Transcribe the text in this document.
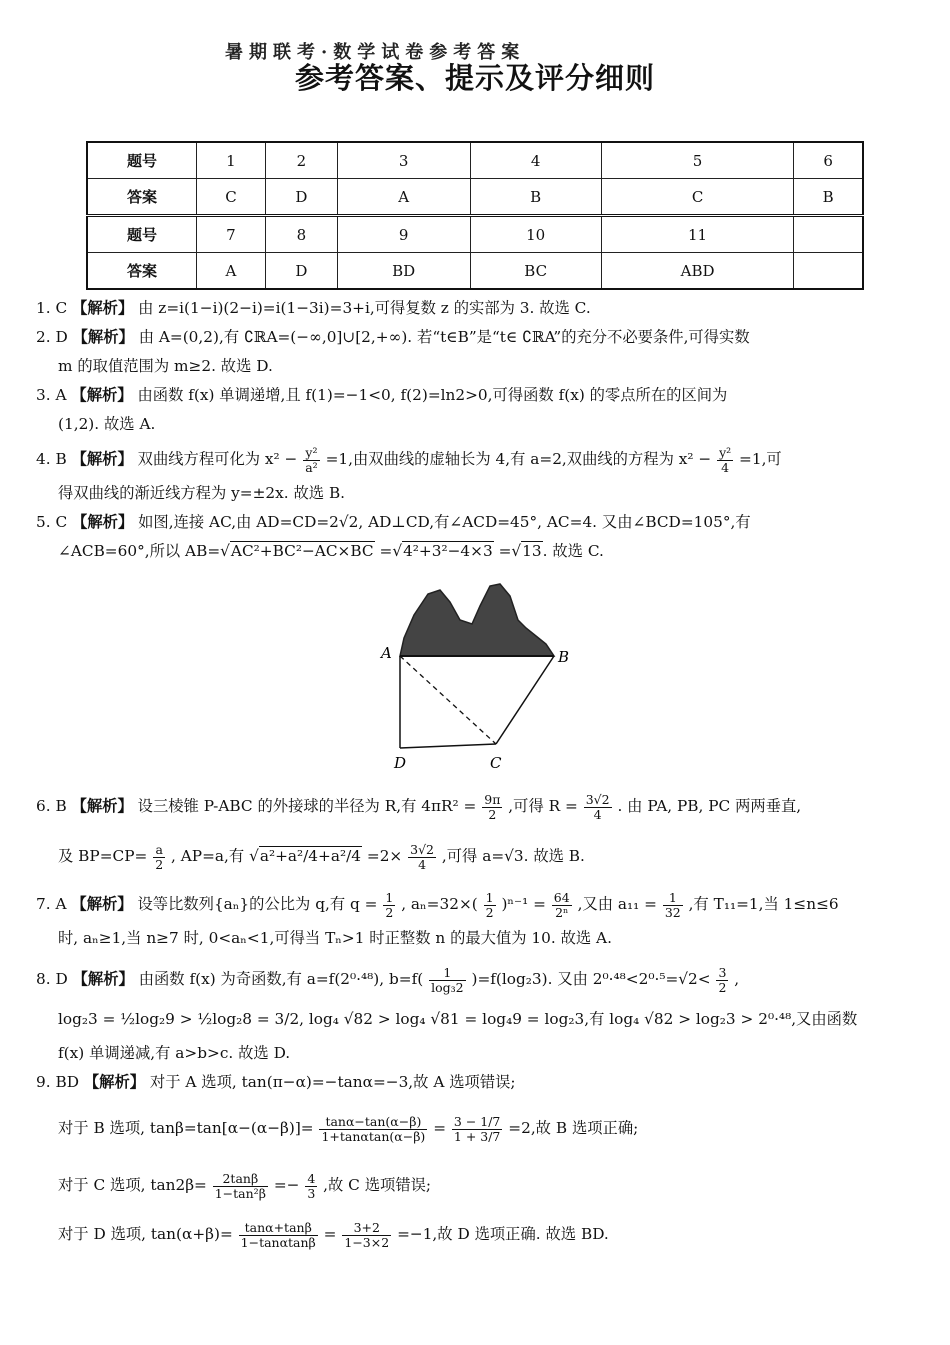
暑期联考·数学试卷参考答案
参考答案、提示及评分细则
题号	1	2	3	4	5	6
答案	C	D	A	B	C	B
题号	7	8	9	10	11	
答案	A	D	BD	BC	ABD	

1. C 【解析】 由 z=i(1−i)(2−i)=i(1−3i)=3+i,可得复数 z 的实部为 3. 故选 C.

2. D 【解析】 由 A=(0,2),有 ∁ℝA=(−∞,0]∪[2,+∞). 若“t∈B”是“t∈ ∁ℝA”的充分不必要条件,可得实数

m 的取值范围为 m≥2. 故选 D.

3. A 【解析】 由函数 f(x) 单调递增,且 f(1)=−1<0, f(2)=ln2>0,可得函数 f(x) 的零点所在的区间为

(1,2). 故选 A.

4. B 【解析】 双曲线方程可化为 $x^2 - \frac{\text{y²}}{\text{a²}} =1$,由双曲线的虚轴长为 4,有 a=2,双曲线的方程为 $x^2 - \frac{\text{y²}}{4} =1$,可

得双曲线的渐近线方程为 y=±2x. 故选 B.

5. C 【解析】 如图,连接 AC,由 AD=CD=2√2, AD⊥CD,有∠ACD=45°, AC=4. 又由∠BCD=105°,有

∠ACB=60°,所以 AB=√AC²+BC²−AC×BC =√4²+3²−4×3 =√13. 故选 C.

A	B
D	C

6. B 【解析】 设三棱锥 P-ABC 的外接球的半径为 R,有 $4\pi R^2 = \frac{9\pi}{2}$ ,可得 $R = \frac{3√2}{4}$ . 由 PA, PB, PC 两两垂直,

及 $BP=CP= \frac{a}{2}$ , AP=a,有 $√a^2+a^2/4+a^2/4 =2\times \frac{3√2}{4}$ ,可得 a=√3. 故选 B.

7. A 【解析】 设等比数列{aₙ}的公比为 q,有 $q = \frac{1}{2}$ , $a_n=32\times( \frac{1}{2} )^{n-1} = \frac{64}{\text{2ⁿ}}$ ,又由 $a_{11} = \frac{1}{32}$ ,有 T₁₁=1,当 1≤n≤6

时, aₙ≥1,当 n≥7 时, 0<aₙ<1,可得当 Tₙ>1 时正整数 n 的最大值为 10. 故选 A.

8. D 【解析】 由函数 f(x) 为奇函数,有 a=f(2⁰·⁴⁸), $b=f( \frac{1}{\text{log₃2}} )=f(\log_23)$. 又由 $2^0\cdot^{48}<2^0\cdot^5=√2< \frac{3}{2}$ ,

log₂3 = ½log₂9 > ½log₂8 = 3/2, log₄ √82 > log₄ √81 = log₄9 = log₂3,有 log₄ √82 > log₂3 > 2⁰·⁴⁸,又由函数

f(x) 单调递减,有 a>b>c. 故选 D.

9. BD 【解析】 对于 A 选项, tan(π−α)=−tanα=−3,故 A 选项错误;

对于 B 选项, $\tan\beta=\tan[\alpha-(\alpha-\beta)]= \frac{\tan\alpha-\tan(\alpha-\beta)}{1+\tan\alpha\tan(\alpha-\beta)} = \frac{3 - 1/7}{1 + 3/7} =2$,故 B 选项正确;

对于 C 选项, $\tan 2\beta= \frac{2\tan\beta}{\text{1−tan²β}} =- \frac{4}{3}$ ,故 C 选项错误;

对于 D 选项, $\tan(\alpha+\beta)= \frac{\tan\alpha+\tan\beta}{1-\tan\alpha\tan\beta} = \frac{3+2}{1-3\times 2} =-1$,故 D 选项正确. 故选 BD.
